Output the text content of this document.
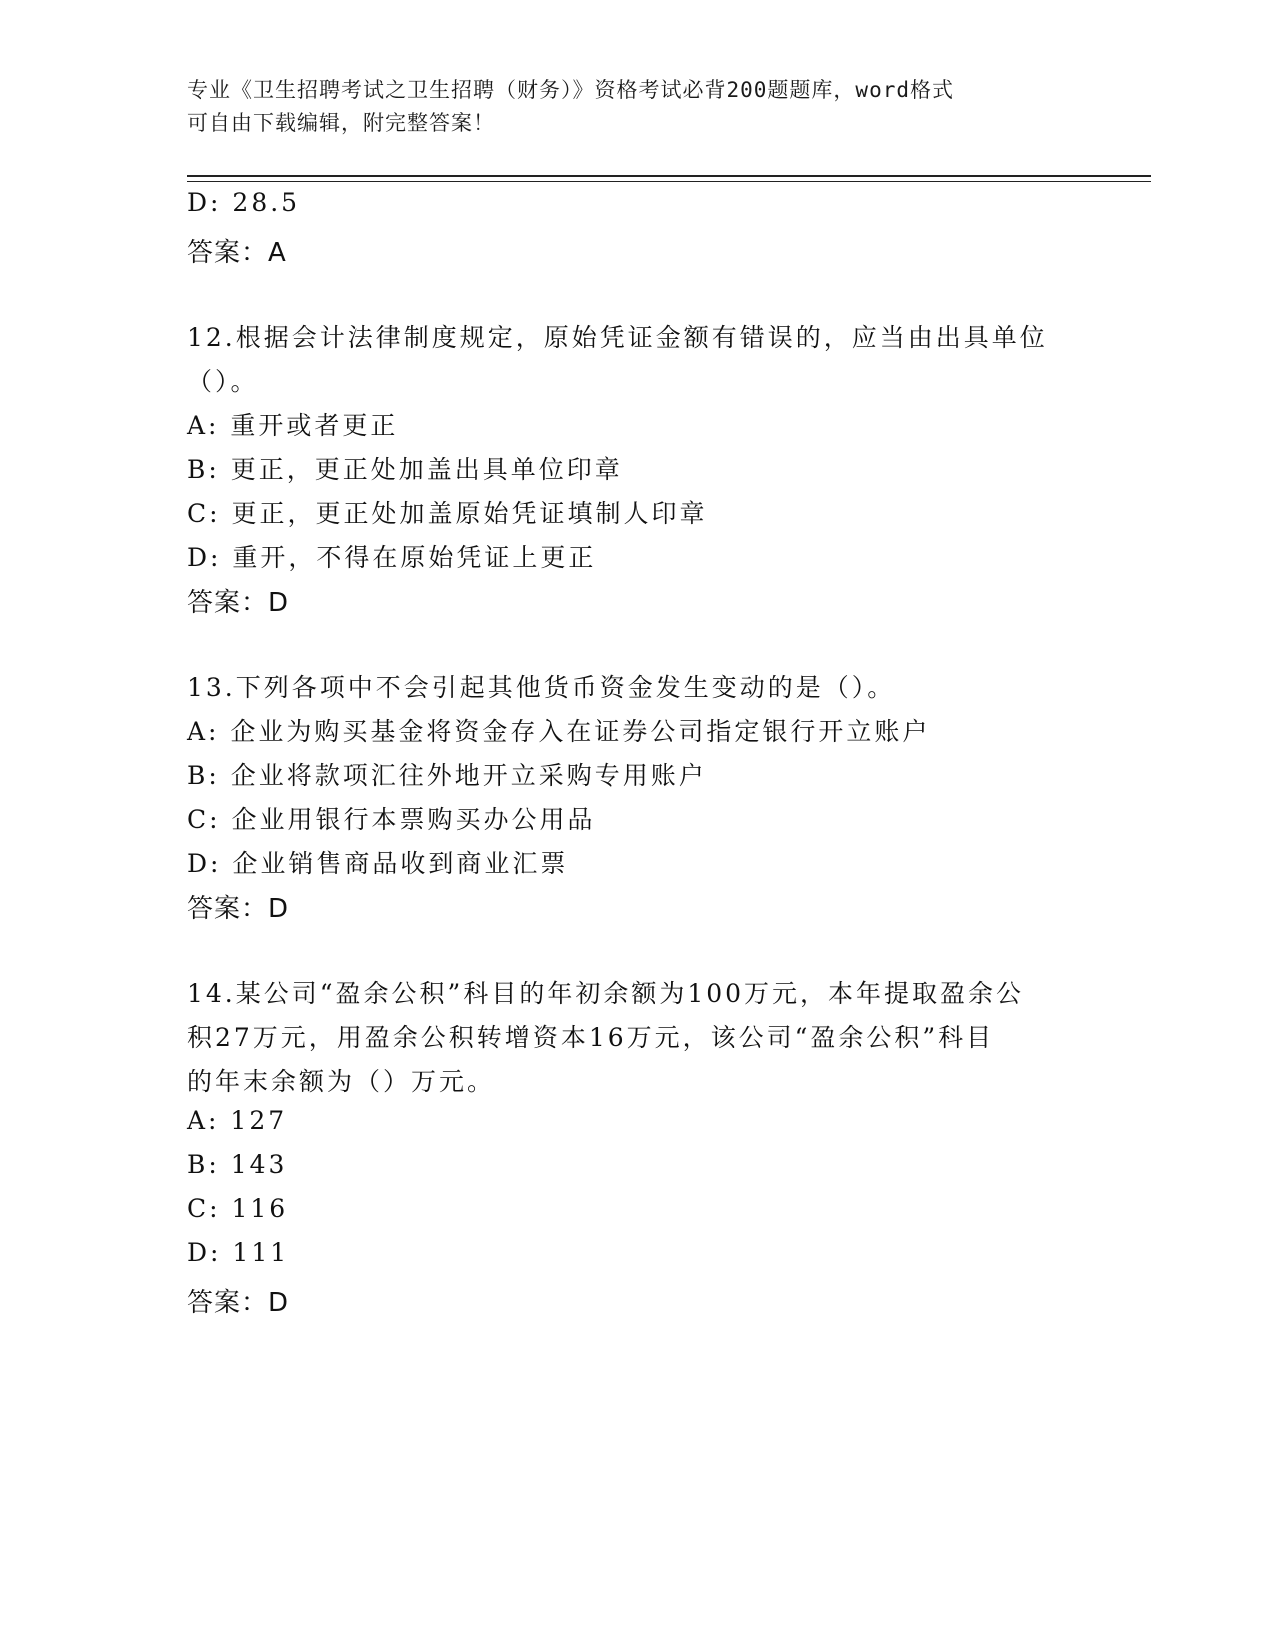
专业《卫生招聘考试之卫生招聘（财务）》资格考试必背200题题库，word格式
可自由下载编辑，附完整答案！
D: 28.5
答案：A
12.根据会计法律制度规定，原始凭证金额有错误的，应当由出具单位
（）。
A: 重开或者更正
B: 更正，更正处加盖出具单位印章
C: 更正，更正处加盖原始凭证填制人印章
D: 重开，不得在原始凭证上更正
答案：D
13.下列各项中不会引起其他货币资金发生变动的是（）。
A: 企业为购买基金将资金存入在证券公司指定银行开立账户
B: 企业将款项汇往外地开立采购专用账户
C: 企业用银行本票购买办公用品
D: 企业销售商品收到商业汇票
答案：D
14.某公司“盈余公积”科目的年初余额为100万元，本年提取盈余公
积27万元，用盈余公积转增资本16万元，该公司“盈余公积”科目
的年末余额为（）万元。
A: 127
B: 143
C: 116
D: 111
答案：D
